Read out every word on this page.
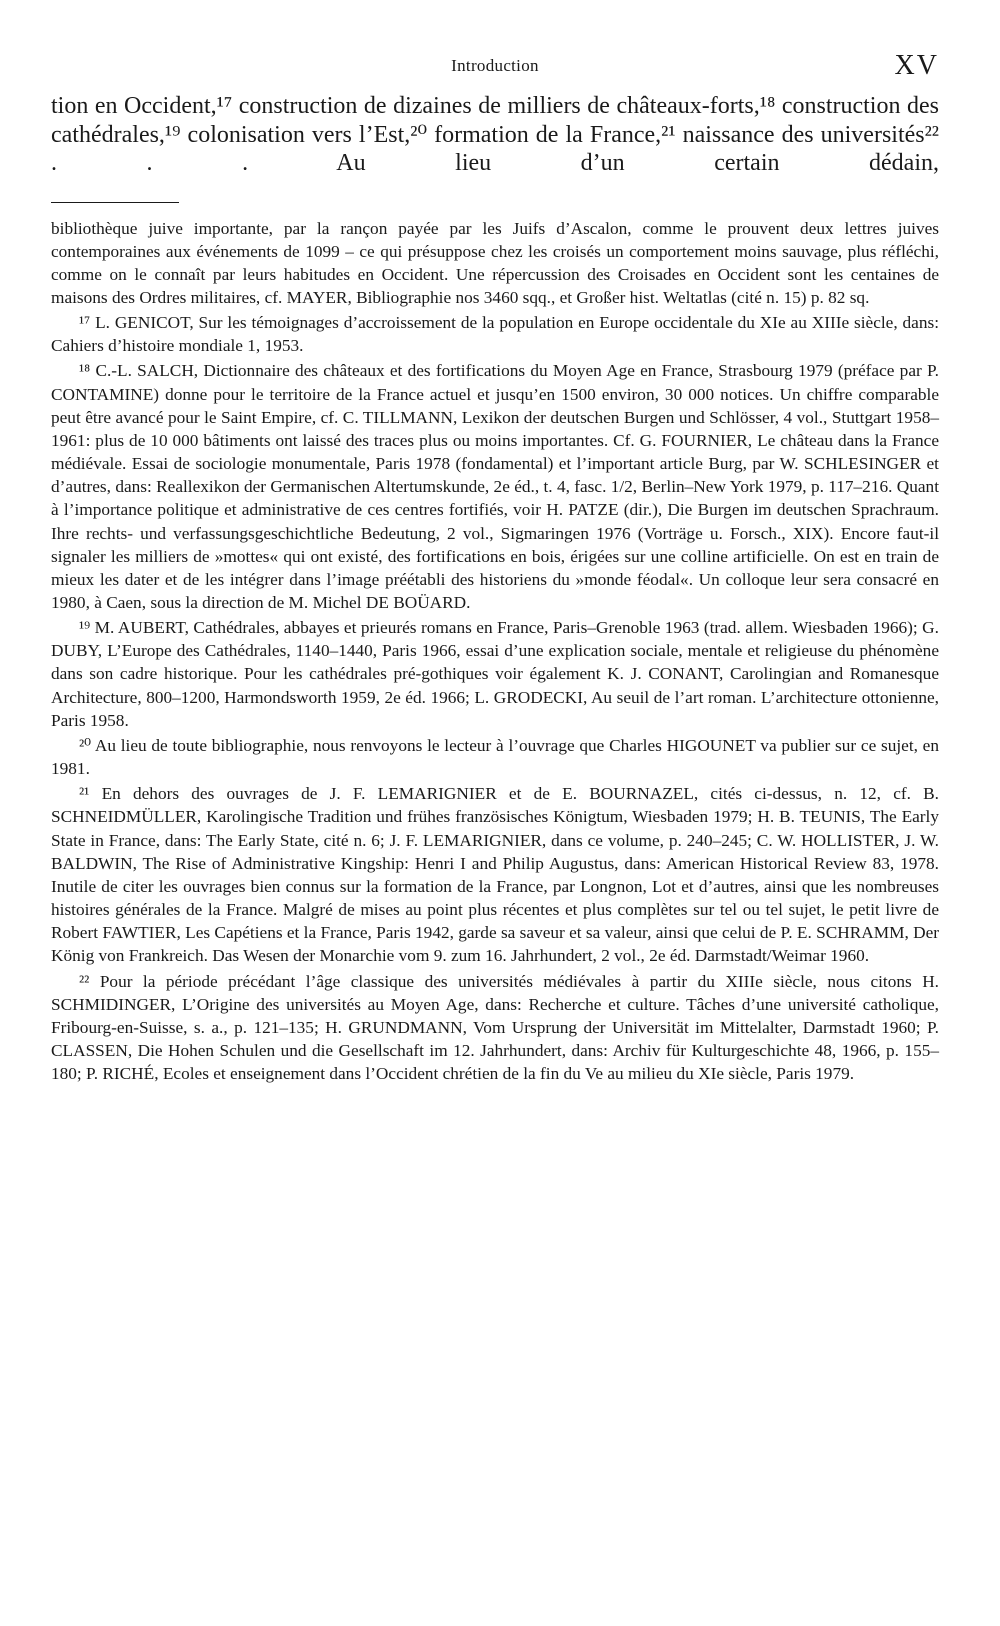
Introduction	XV

tion en Occident,¹⁷ construction de dizaines de milliers de châteaux-forts,¹⁸ construction des cathédrales,¹⁹ colonisation vers l’Est,²⁰ formation de la France,²¹ naissance des universités²² . . . Au lieu d’un certain dédain,

bibliothèque juive importante, par la rançon payée par les Juifs d’Ascalon, comme le prouvent deux lettres juives contemporaines aux événements de 1099 – ce qui présuppose chez les croisés un comportement moins sauvage, plus réfléchi, comme on le connaît par leurs habitudes en Occident. Une répercussion des Croisades en Occident sont les centaines de maisons des Ordres militaires, cf. MAYER, Bibliographie nos 3460 sqq., et Großer hist. Weltatlas (cité n. 15) p. 82 sq.

¹⁷ L. GENICOT, Sur les témoignages d’accroissement de la population en Europe occidentale du XIe au XIIIe siècle, dans: Cahiers d’histoire mondiale 1, 1953.

¹⁸ C.-L. SALCH, Dictionnaire des châteaux et des fortifications du Moyen Age en France, Strasbourg 1979 (préface par P. CONTAMINE) donne pour le territoire de la France actuel et jusqu’en 1500 environ, 30 000 notices. Un chiffre comparable peut être avancé pour le Saint Empire, cf. C. TILLMANN, Lexikon der deutschen Burgen und Schlösser, 4 vol., Stuttgart 1958–1961: plus de 10 000 bâtiments ont laissé des traces plus ou moins importantes. Cf. G. FOURNIER, Le château dans la France médiévale. Essai de sociologie monumentale, Paris 1978 (fondamental) et l’important article Burg, par W. SCHLESINGER et d’autres, dans: Reallexikon der Germanischen Altertumskunde, 2e éd., t. 4, fasc. 1/2, Berlin–New York 1979, p. 117–216. Quant à l’importance politique et administrative de ces centres fortifiés, voir H. PATZE (dir.), Die Burgen im deutschen Sprachraum. Ihre rechts- und verfassungsgeschichtliche Bedeutung, 2 vol., Sigmaringen 1976 (Vorträge u. Forsch., XIX). Encore faut-il signaler les milliers de »mottes« qui ont existé, des fortifications en bois, érigées sur une colline artificielle. On est en train de mieux les dater et de les intégrer dans l’image préétabli des historiens du »monde féodal«. Un colloque leur sera consacré en 1980, à Caen, sous la direction de M. Michel DE BOÜARD.

¹⁹ M. AUBERT, Cathédrales, abbayes et prieurés romans en France, Paris–Grenoble 1963 (trad. allem. Wiesbaden 1966); G. DUBY, L’Europe des Cathédrales, 1140–1440, Paris 1966, essai d’une explication sociale, mentale et religieuse du phénomène dans son cadre historique. Pour les cathédrales pré-gothiques voir également K. J. CONANT, Carolingian and Romanesque Architecture, 800–1200, Harmondsworth 1959, 2e éd. 1966; L. GRODECKI, Au seuil de l’art roman. L’architecture ottonienne, Paris 1958.

²⁰ Au lieu de toute bibliographie, nous renvoyons le lecteur à l’ouvrage que Charles HIGOUNET va publier sur ce sujet, en 1981.

²¹ En dehors des ouvrages de J. F. LEMARIGNIER et de E. BOURNAZEL, cités ci-dessus, n. 12, cf. B. SCHNEIDMÜLLER, Karolingische Tradition und frühes französisches Königtum, Wiesbaden 1979; H. B. TEUNIS, The Early State in France, dans: The Early State, cité n. 6; J. F. LEMARIGNIER, dans ce volume, p. 240–245; C. W. HOLLISTER, J. W. BALDWIN, The Rise of Administrative Kingship: Henri I and Philip Augustus, dans: American Historical Review 83, 1978. Inutile de citer les ouvrages bien connus sur la formation de la France, par Longnon, Lot et d’autres, ainsi que les nombreuses histoires générales de la France. Malgré de mises au point plus récentes et plus complètes sur tel ou tel sujet, le petit livre de Robert FAWTIER, Les Capétiens et la France, Paris 1942, garde sa saveur et sa valeur, ainsi que celui de P. E. SCHRAMM, Der König von Frankreich. Das Wesen der Monarchie vom 9. zum 16. Jahrhundert, 2 vol., 2e éd. Darmstadt/Weimar 1960.

²² Pour la période précédant l’âge classique des universités médiévales à partir du XIIIe siècle, nous citons H. SCHMIDINGER, L’Origine des universités au Moyen Age, dans: Recherche et culture. Tâches d’une université catholique, Fribourg-en-Suisse, s. a., p. 121–135; H. GRUNDMANN, Vom Ursprung der Universität im Mittelalter, Darmstadt 1960; P. CLASSEN, Die Hohen Schulen und die Gesellschaft im 12. Jahrhundert, dans: Archiv für Kulturgeschichte 48, 1966, p. 155–180; P. RICHÉ, Ecoles et enseignement dans l’Occident chrétien de la fin du Ve au milieu du XIe siècle, Paris 1979.
